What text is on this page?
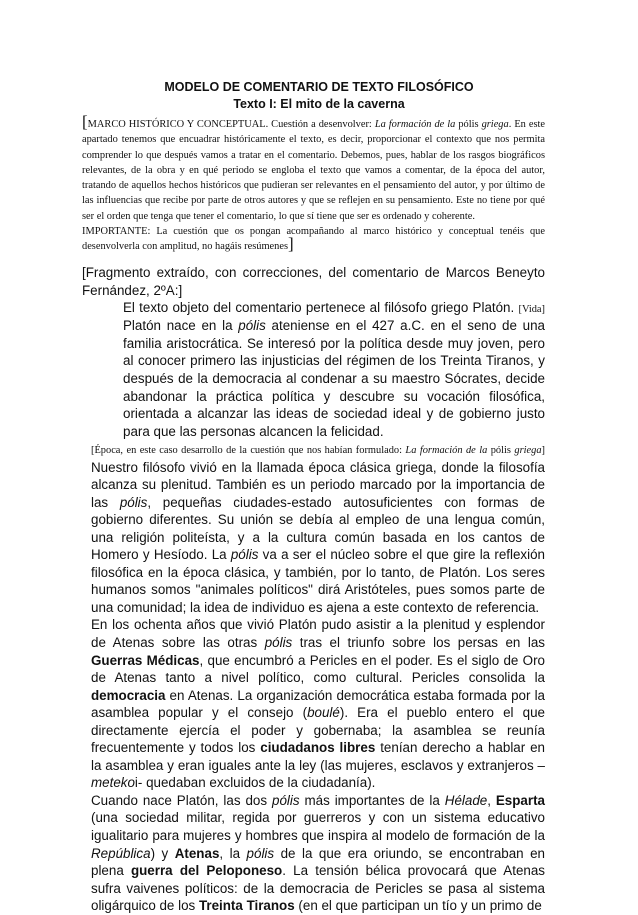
MODELO DE COMENTARIO DE TEXTO FILOSÓFICO
Texto I: El mito de la caverna

[MARCO HISTÓRICO Y CONCEPTUAL. Cuestión a desenvolver: La formación de la pólis griega. En este apartado tenemos que encuadrar históricamente el texto, es decir, proporcionar el contexto que nos permita comprender lo que después vamos a tratar en el comentario. Debemos, pues, hablar de los rasgos biográficos relevantes, de la obra y en qué periodo se engloba el texto que vamos a comentar, de la época del autor, tratando de aquellos hechos históricos que pudieran ser relevantes en el pensamiento del autor, y por último de las influencias que recibe por parte de otros autores y que se reflejen en su pensamiento. Este no tiene por qué ser el orden que tenga que tener el comentario, lo que sí tiene que ser es ordenado y coherente.

IMPORTANTE: La cuestión que os pongan acompañando al marco histórico y conceptual tenéis que desenvolverla con amplitud, no hagáis resúmenes]

[Fragmento extraído, con correcciones, del comentario de Marcos Beneyto Fernández, 2ºA:]

El texto objeto del comentario pertenece al filósofo griego Platón. [Vida] Platón nace en la pólis ateniense en el 427 a.C. en el seno de una familia aristocrática. Se interesó por la política desde muy joven, pero al conocer primero las injusticias del régimen de los Treinta Tiranos, y después de la democracia al condenar a su maestro Sócrates, decide abandonar la práctica política y descubre su vocación filosófica, orientada a alcanzar las ideas de sociedad ideal y de gobierno justo para que las personas alcancen la felicidad.

[Época, en este caso desarrollo de la cuestión que nos habían formulado: La formación de la pólis griega] Nuestro filósofo vivió en la llamada época clásica griega, donde la filosofía alcanza su plenitud. También es un periodo marcado por la importancia de las pólis, pequeñas ciudades-estado autosuficientes con formas de gobierno diferentes. Su unión se debía al empleo de una lengua común, una religión politeísta, y a la cultura común basada en los cantos de Homero y Hesíodo. La pólis va a ser el núcleo sobre el que gire la reflexión filosófica en la época clásica, y también, por lo tanto, de Platón. Los seres humanos somos "animales políticos" dirá Aristóteles, pues somos parte de una comunidad; la idea de individuo es ajena a este contexto de referencia.

En los ochenta años que vivió Platón pudo asistir a la plenitud y esplendor de Atenas sobre las otras pólis tras el triunfo sobre los persas en las Guerras Médicas, que encumbró a Pericles en el poder. Es el siglo de Oro de Atenas tanto a nivel político, como cultural. Pericles consolida la democracia en Atenas. La organización democrática estaba formada por la asamblea popular y el consejo (boulé). Era el pueblo entero el que directamente ejercía el poder y gobernaba; la asamblea se reunía frecuentemente y todos los ciudadanos libres tenían derecho a hablar en la asamblea y eran iguales ante la ley (las mujeres, esclavos y extranjeros –metekoi- quedaban excluidos de la ciudadanía).

Cuando nace Platón, las dos pólis más importantes de la Hélade, Esparta (una sociedad militar, regida por guerreros y con un sistema educativo igualitario para mujeres y hombres que inspira al modelo de formación de la República) y Atenas, la pólis de la que era oriundo, se encontraban en plena guerra del Peloponeso. La tensión bélica provocará que Atenas sufra vaivenes políticos: de la democracia de Pericles se pasa al sistema oligárquico de los Treinta Tiranos (en el que participan un tío y un primo de
